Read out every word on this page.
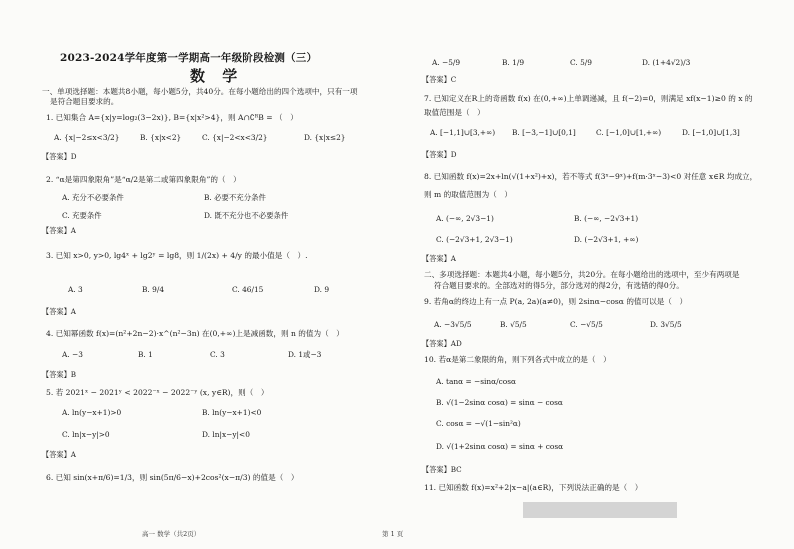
2023-2024学年度第一学期高一年级阶段检测（三）
数 学
一、单项选择题：本题共8小题，每小题5分，共40分。在每小题给出的四个选项中，只有一项
是符合题目要求的。
1. 已知集合 A={x|y=log₂(3−2x)}, B={x|x²>4}，则 A∩∁ᴿB = （　）
A. {x|−2≤x<3/2}	B. {x|x<2}	C. {x|−2<x<3/2}	D. {x|x≤2}
【答案】D
2. “α是第四象限角”是“α/2是第二或第四象限角”的（　）
A. 充分不必要条件	B. 必要不充分条件
C. 充要条件	D. 既不充分也不必要条件
【答案】A
3. 已知 x>0, y>0, lg4ˣ + lg2ʸ = lg8，则 1/(2x) + 4/y 的最小值是（　）.
A. 3	B. 9/4	C. 46/15	D. 9
【答案】A
4. 已知幂函数 f(x)=(n²+2n−2)·x^(n²−3n) 在(0,+∞)上是减函数，则 n 的值为（　）
A. −3	B. 1	C. 3	D. 1或−3
【答案】B
5. 若 2021ˣ − 2021ʸ < 2022⁻ˣ − 2022⁻ʸ (x, y∈R)，则（　）
A. ln(y−x+1)>0	B. ln(y−x+1)<0
C. ln|x−y|>0	D. ln|x−y|<0
【答案】A
6. 已知 sin(x+π/6)=1/3，则 sin(5π/6−x)+2cos²(x−π/3) 的值是（　）
高一 数学（共2页）
A. −5/9	B. 1/9	C. 5/9	D. (1+4√2)/3
【答案】C
7. 已知定义在R上的奇函数 f(x) 在(0,+∞)上单调递减，且 f(−2)=0，则满足 xf(x−1)≥0 的 x 的
取值范围是（　）
A. [−1,1]∪[3,+∞) B. [−3,−1]∪[0,1]	C. [−1,0]∪[1,+∞)	D. [−1,0]∪[1,3]
【答案】D
8. 已知函数 f(x)=2x+ln(√(1+x²)+x)，若不等式 f(3ˣ−9ˣ)+f(m·3ˣ−3)<0 对任意 x∈R 均成立，
则 m 的取值范围为（　）
A. (−∞, 2√3−1)	B. (−∞, −2√3+1)
C. (−2√3+1, 2√3−1)	D. (−2√3+1, +∞)
【答案】A
二、多项选择题：本题共4小题，每小题5分，共20分。在每小题给出的选项中，至少有两项是
符合题目要求的。全部选对的得5分，部分选对的得2分，有选错的得0分。
9. 若角α的终边上有一点 P(a, 2a)(a≠0)，则 2sinα−cosα 的值可以是（　）
A. −3√5/5	B. √5/5	C. −√5/5	D. 3√5/5
【答案】AD
10. 若α是第二象限的角，则下列各式中成立的是（　）
A. tanα = −sinα/cosα
B. √(1−2sinα cosα) = sinα − cosα
C. cosα = −√(1−sin²α)
D. √(1+2sinα cosα) = sinα + cosα
【答案】BC
11. 已知函数 f(x)=x²+2|x−a|(a∈R)，下列说法正确的是（　）
第 1 页
